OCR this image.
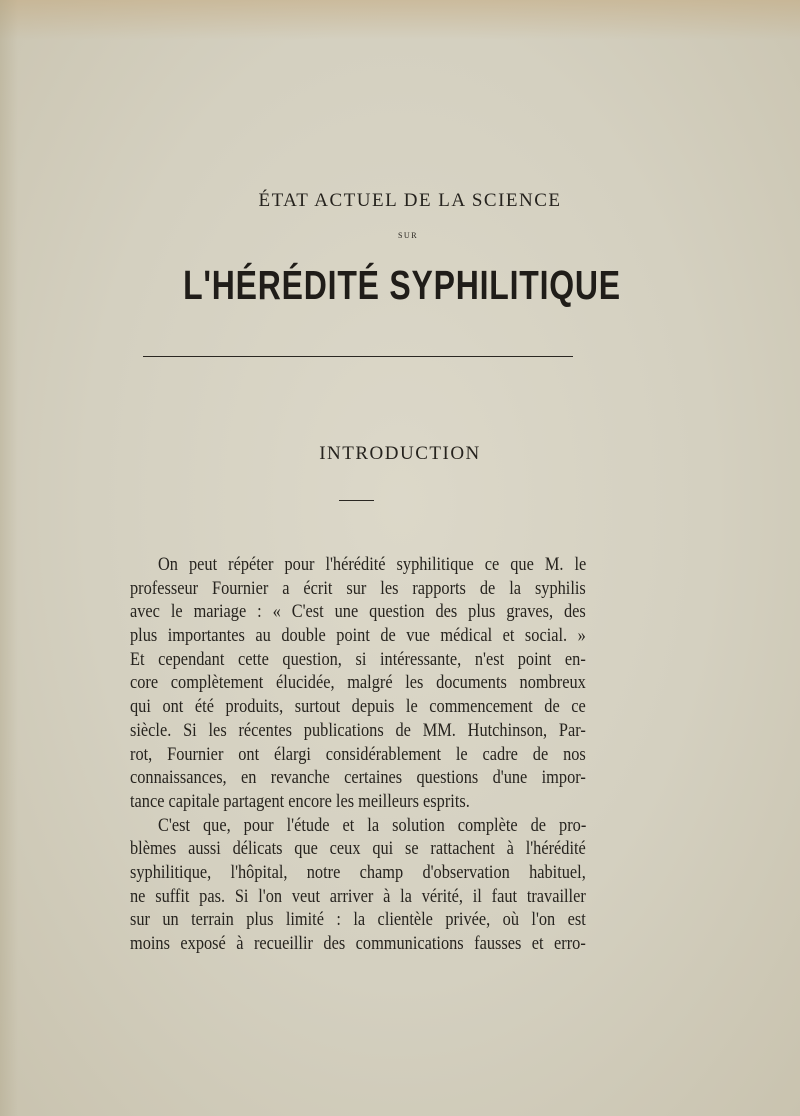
ÉTAT ACTUEL DE LA SCIENCE
SUR
L'HÉRÉDITÉ SYPHILITIQUE
INTRODUCTION
On peut répéter pour l'hérédité syphilitique ce que M. le
professeur Fournier a écrit sur les rapports de la syphilis
avec le mariage : « C'est une question des plus graves, des
plus importantes au double point de vue médical et social. »
Et cependant cette question, si intéressante, n'est point en-
core complètement élucidée, malgré les documents nombreux
qui ont été produits, surtout depuis le commencement de ce
siècle. Si les récentes publications de MM. Hutchinson, Par-
rot, Fournier ont élargi considérablement le cadre de nos
connaissances, en revanche certaines questions d'une impor-
tance capitale partagent encore les meilleurs esprits.
C'est que, pour l'étude et la solution complète de pro-
blèmes aussi délicats que ceux qui se rattachent à l'hérédité
syphilitique, l'hôpital, notre champ d'observation habituel,
ne suffit pas. Si l'on veut arriver à la vérité, il faut travailler
sur un terrain plus limité : la clientèle privée, où l'on est
moins exposé à recueillir des communications fausses et erro-
